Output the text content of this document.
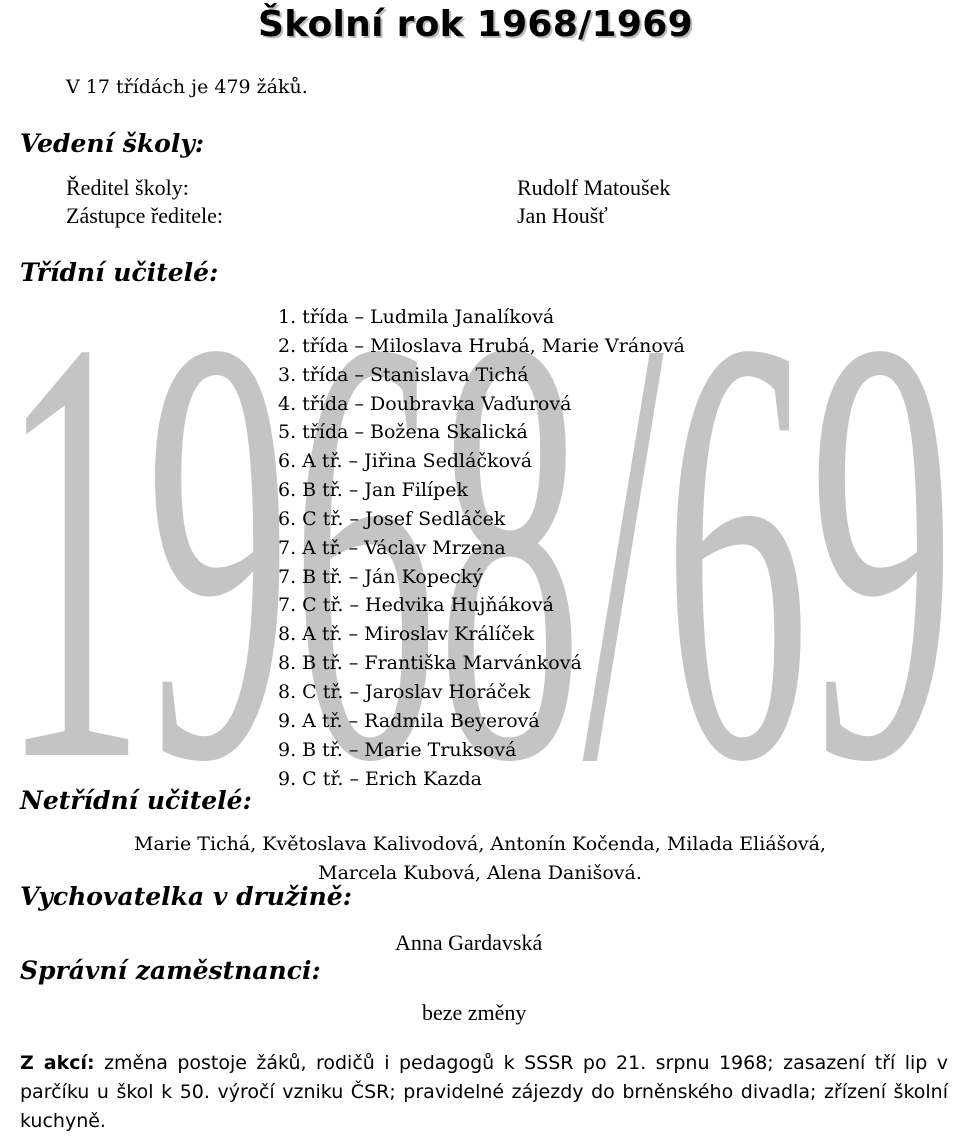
1968/69
Školní rok 1968/1969
V 17 třídách je 479 žáků.
Vedení školy:
Ředitel školy:	Rudolf Matoušek
Zástupce ředitele:	Jan Houšť
Třídní učitelé:
1. třída – Ludmila Janalíková
2. třída – Miloslava Hrubá, Marie Vránová
3. třída – Stanislava Tichá
4. třída – Doubravka Vaďurová
5. třída – Božena Skalická
6. A tř. – Jiřina Sedláčková
6. B tř. – Jan Filípek
6. C tř. – Josef Sedláček
7. A tř. – Václav Mrzena
7. B tř. – Ján Kopecký
7. C tř. – Hedvika Hujňáková
8. A tř. – Miroslav Králíček
8. B tř. – Františka Marvánková
8. C tř. – Jaroslav Horáček
9. A tř. – Radmila Beyerová
9. B tř. – Marie Truksová
9. C tř. – Erich Kazda
Netřídní učitelé:
Marie Tichá, Květoslava Kalivodová, Antonín Kočenda, Milada Eliášová,
Marcela Kubová, Alena Danišová.
Vychovatelka v družině:
Anna Gardavská
Správní zaměstnanci:
beze změny
Z akcí: změna postoje žáků, rodičů i pedagogů k SSSR po 21. srpnu 1968; zasazení tří lip v parčíku u škol k 50. výročí vzniku ČSR; pravidelné zájezdy do brněnského divadla; zřízení školní kuchyně.
